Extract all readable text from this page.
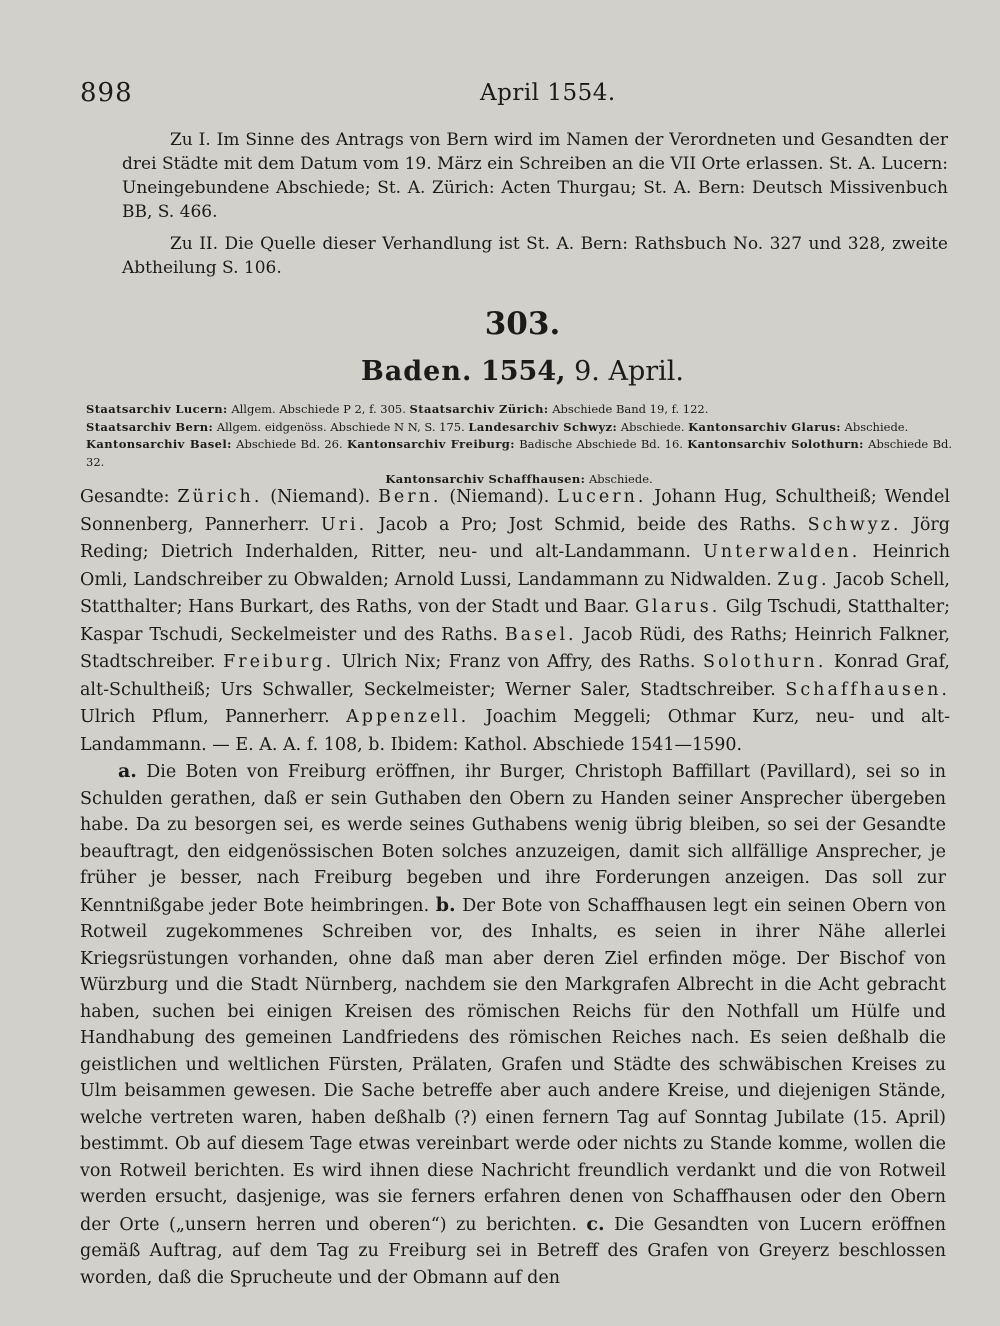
898	April 1554.

Zu I. Im Sinne des Antrags von Bern wird im Namen der Verordneten und Gesandten der drei Städte mit dem Datum vom 19. März ein Schreiben an die VII Orte erlassen. St. A. Lucern: Uneingebundene Abschiede; St. A. Zürich: Acten Thurgau; St. A. Bern: Deutsch Missivenbuch BB, S. 466.

Zu II. Die Quelle dieser Verhandlung ist St. A. Bern: Rathsbuch No. 327 und 328, zweite Abtheilung S. 106.

303.
Baden. 1554, 9. April.
Staatsarchiv Lucern: Allgem. Abschiede P 2, f. 305. Staatsarchiv Zürich: Abschiede Band 19, f. 122.
Staatsarchiv Bern: Allgem. eidgenöss. Abschiede N N, S. 175. Landesarchiv Schwyz: Abschiede. Kantonsarchiv Glarus: Abschiede.
Kantonsarchiv Basel: Abschiede Bd. 26. Kantonsarchiv Freiburg: Badische Abschiede Bd. 16. Kantonsarchiv Solothurn: Abschiede Bd. 32.
Kantonsarchiv Schaffhausen: Abschiede.
Gesandte: Zürich. (Niemand). Bern. (Niemand). Lucern. Johann Hug, Schultheiß; Wendel Sonnenberg, Pannerherr. Uri. Jacob a Pro; Jost Schmid, beide des Raths. Schwyz. Jörg Reding; Dietrich Inderhalden, Ritter, neu- und alt-Landammann. Unterwalden. Heinrich Omli, Landschreiber zu Obwalden; Arnold Lussi, Landammann zu Nidwalden. Zug. Jacob Schell, Statthalter; Hans Burkart, des Raths, von der Stadt und Baar. Glarus. Gilg Tschudi, Statthalter; Kaspar Tschudi, Seckelmeister und des Raths. Basel. Jacob Rüdi, des Raths; Heinrich Falkner, Stadtschreiber. Freiburg. Ulrich Nix; Franz von Affry, des Raths. Solothurn. Konrad Graf, alt-Schultheiß; Urs Schwaller, Seckelmeister; Werner Saler, Stadtschreiber. Schaffhausen. Ulrich Pflum, Pannerherr. Appenzell. Joachim Meggeli; Othmar Kurz, neu- und alt-Landammann. — E. A. A. f. 108, b. Ibidem: Kathol. Abschiede 1541—1590.

a. Die Boten von Freiburg eröffnen, ihr Burger, Christoph Baffillart (Pavillard), sei so in Schulden gerathen, daß er sein Guthaben den Obern zu Handen seiner Ansprecher übergeben habe. Da zu besorgen sei, es werde seines Guthabens wenig übrig bleiben, so sei der Gesandte beauftragt, den eidgenössischen Boten solches anzuzeigen, damit sich allfällige Ansprecher, je früher je besser, nach Freiburg begeben und ihre Forderungen anzeigen. Das soll zur Kenntnißgabe jeder Bote heimbringen. b. Der Bote von Schaffhausen legt ein seinen Obern von Rotweil zugekommenes Schreiben vor, des Inhalts, es seien in ihrer Nähe allerlei Kriegsrüstungen vorhanden, ohne daß man aber deren Ziel erfinden möge. Der Bischof von Würzburg und die Stadt Nürnberg, nachdem sie den Markgrafen Albrecht in die Acht gebracht haben, suchen bei einigen Kreisen des römischen Reichs für den Nothfall um Hülfe und Handhabung des gemeinen Landfriedens des römischen Reiches nach. Es seien deßhalb die geistlichen und weltlichen Fürsten, Prälaten, Grafen und Städte des schwäbischen Kreises zu Ulm beisammen gewesen. Die Sache betreffe aber auch andere Kreise, und diejenigen Stände, welche vertreten waren, haben deßhalb (?) einen fernern Tag auf Sonntag Jubilate (15. April) bestimmt. Ob auf diesem Tage etwas vereinbart werde oder nichts zu Stande komme, wollen die von Rotweil berichten. Es wird ihnen diese Nachricht freundlich verdankt und die von Rotweil werden ersucht, dasjenige, was sie ferners erfahren denen von Schaffhausen oder den Obern der Orte („unsern herren und oberen“) zu berichten. c. Die Gesandten von Lucern eröffnen gemäß Auftrag, auf dem Tag zu Freiburg sei in Betreff des Grafen von Greyerz beschlossen worden, daß die Sprucheute und der Obmann auf den
